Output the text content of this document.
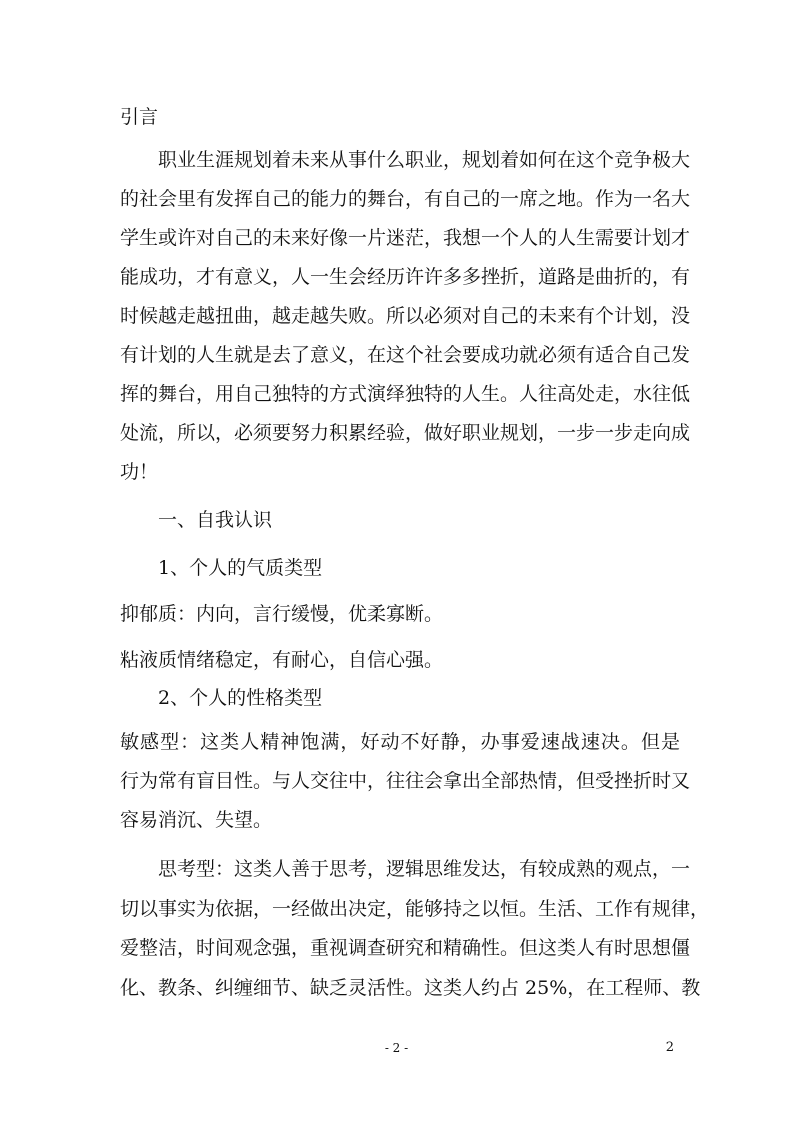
引言
职业生涯规划着未来从事什么职业，规划着如何在这个竞争极大
的社会里有发挥自己的能力的舞台，有自己的一席之地。作为一名大
学生或许对自己的未来好像一片迷茫，我想一个人的人生需要计划才
能成功，才有意义，人一生会经历许许多多挫折，道路是曲折的，有
时候越走越扭曲，越走越失败。所以必须对自己的未来有个计划，没
有计划的人生就是去了意义，在这个社会要成功就必须有适合自己发
挥的舞台，用自己独特的方式演绎独特的人生。人往高处走，水往低
处流，所以，必须要努力积累经验，做好职业规划，一步一步走向成
功！
一、自我认识
1、个人的气质类型
抑郁质：内向，言行缓慢，优柔寡断。
粘液质情绪稳定，有耐心，自信心强。
2、个人的性格类型
敏感型：这类人精神饱满，好动不好静，办事爱速战速决。但是
行为常有盲目性。与人交往中，往往会拿出全部热情，但受挫折时又
容易消沉、失望。
思考型：这类人善于思考，逻辑思维发达，有较成熟的观点，一
切以事实为依据，一经做出决定，能够持之以恒。生活、工作有规律，
爱整洁，时间观念强，重视调查研究和精确性。但这类人有时思想僵
化、教条、纠缠细节、缺乏灵活性。这类人约占 25%，在工程师、教
- 2 -	2
